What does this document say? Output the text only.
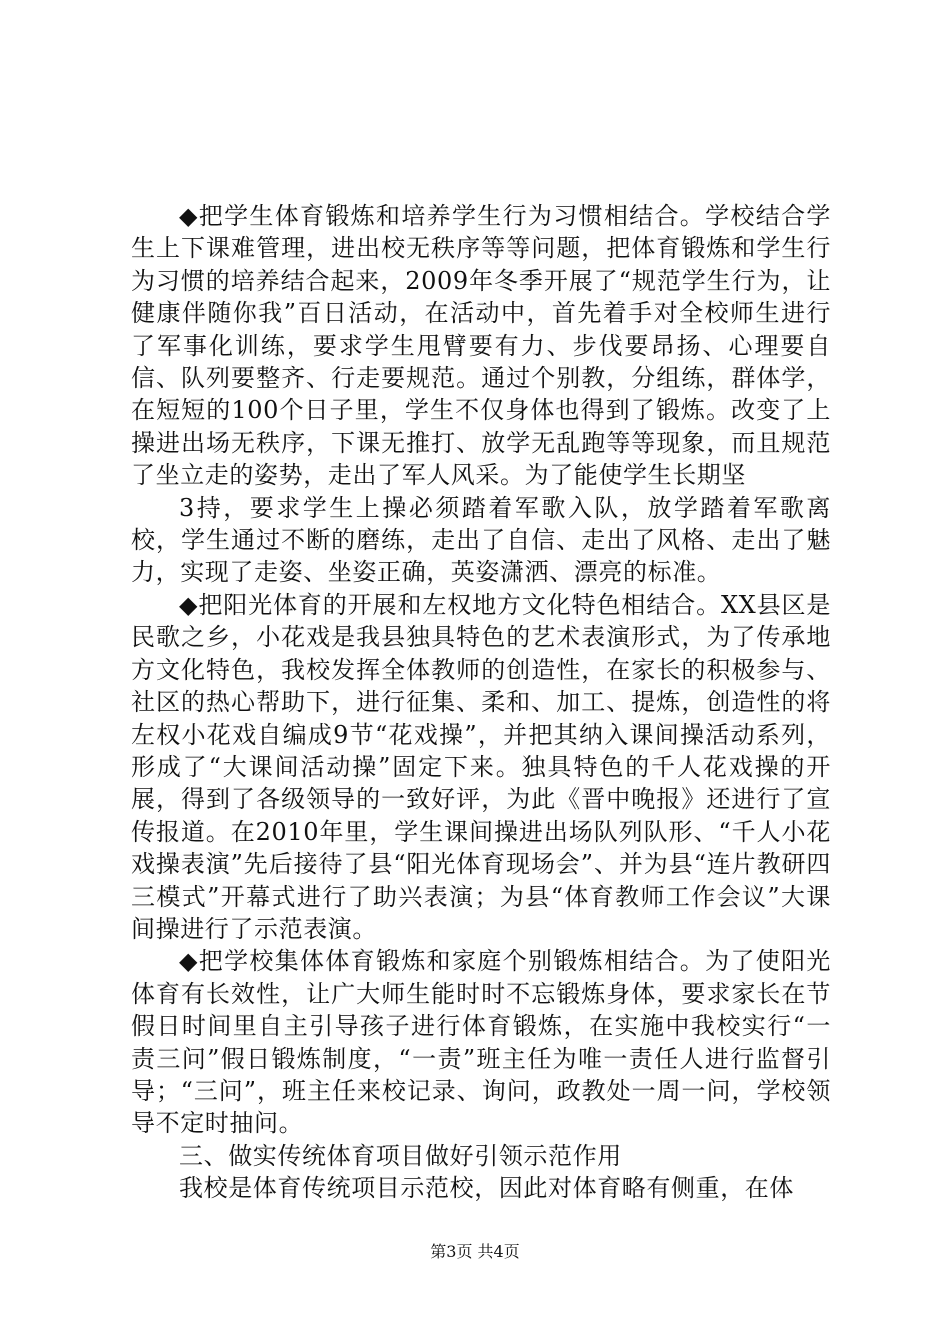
◆把学生体育锻炼和培养学生行为习惯相结合。学校结合学生上下课难管理，进出校无秩序等等问题，把体育锻炼和学生行为习惯的培养结合起来，2009年冬季开展了“规范学生行为，让健康伴随你我”百日活动，在活动中，首先着手对全校师生进行了军事化训练，要求学生甩臂要有力、步伐要昂扬、心理要自信、队列要整齐、行走要规范。通过个别教，分组练，群体学，在短短的100个日子里，学生不仅身体也得到了锻炼。改变了上操进出场无秩序，下课无推打、放学无乱跑等等现象，而且规范了坐立走的姿势，走出了军人风采。为了能使学生长期坚

3持，要求学生上操必须踏着军歌入队，放学踏着军歌离校，学生通过不断的磨练，走出了自信、走出了风格、走出了魅力，实现了走姿、坐姿正确，英姿潇洒、漂亮的标准。

◆把阳光体育的开展和左权地方文化特色相结合。XX县区是民歌之乡，小花戏是我县独具特色的艺术表演形式，为了传承地方文化特色，我校发挥全体教师的创造性，在家长的积极参与、社区的热心帮助下，进行征集、柔和、加工、提炼，创造性的将左权小花戏自编成9节“花戏操”，并把其纳入课间操活动系列，形成了“大课间活动操”固定下来。独具特色的千人花戏操的开展，得到了各级领导的一致好评，为此《晋中晚报》还进行了宣传报道。在2010年里，学生课间操进出场队列队形、“千人小花戏操表演”先后接待了县“阳光体育现场会”、并为县“连片教研四三模式”开幕式进行了助兴表演；为县“体育教师工作会议”大课间操进行了示范表演。

◆把学校集体体育锻炼和家庭个别锻炼相结合。为了使阳光体育有长效性，让广大师生能时时不忘锻炼身体，要求家长在节假日时间里自主引导孩子进行体育锻炼，在实施中我校实行“一责三问”假日锻炼制度，“一责”班主任为唯一责任人进行监督引导；“三问”，班主任来校记录、询问，政教处一周一问，学校领导不定时抽问。

三、做实传统体育项目做好引领示范作用

我校是体育传统项目示范校，因此对体育略有侧重，在体

第3页 共4页
